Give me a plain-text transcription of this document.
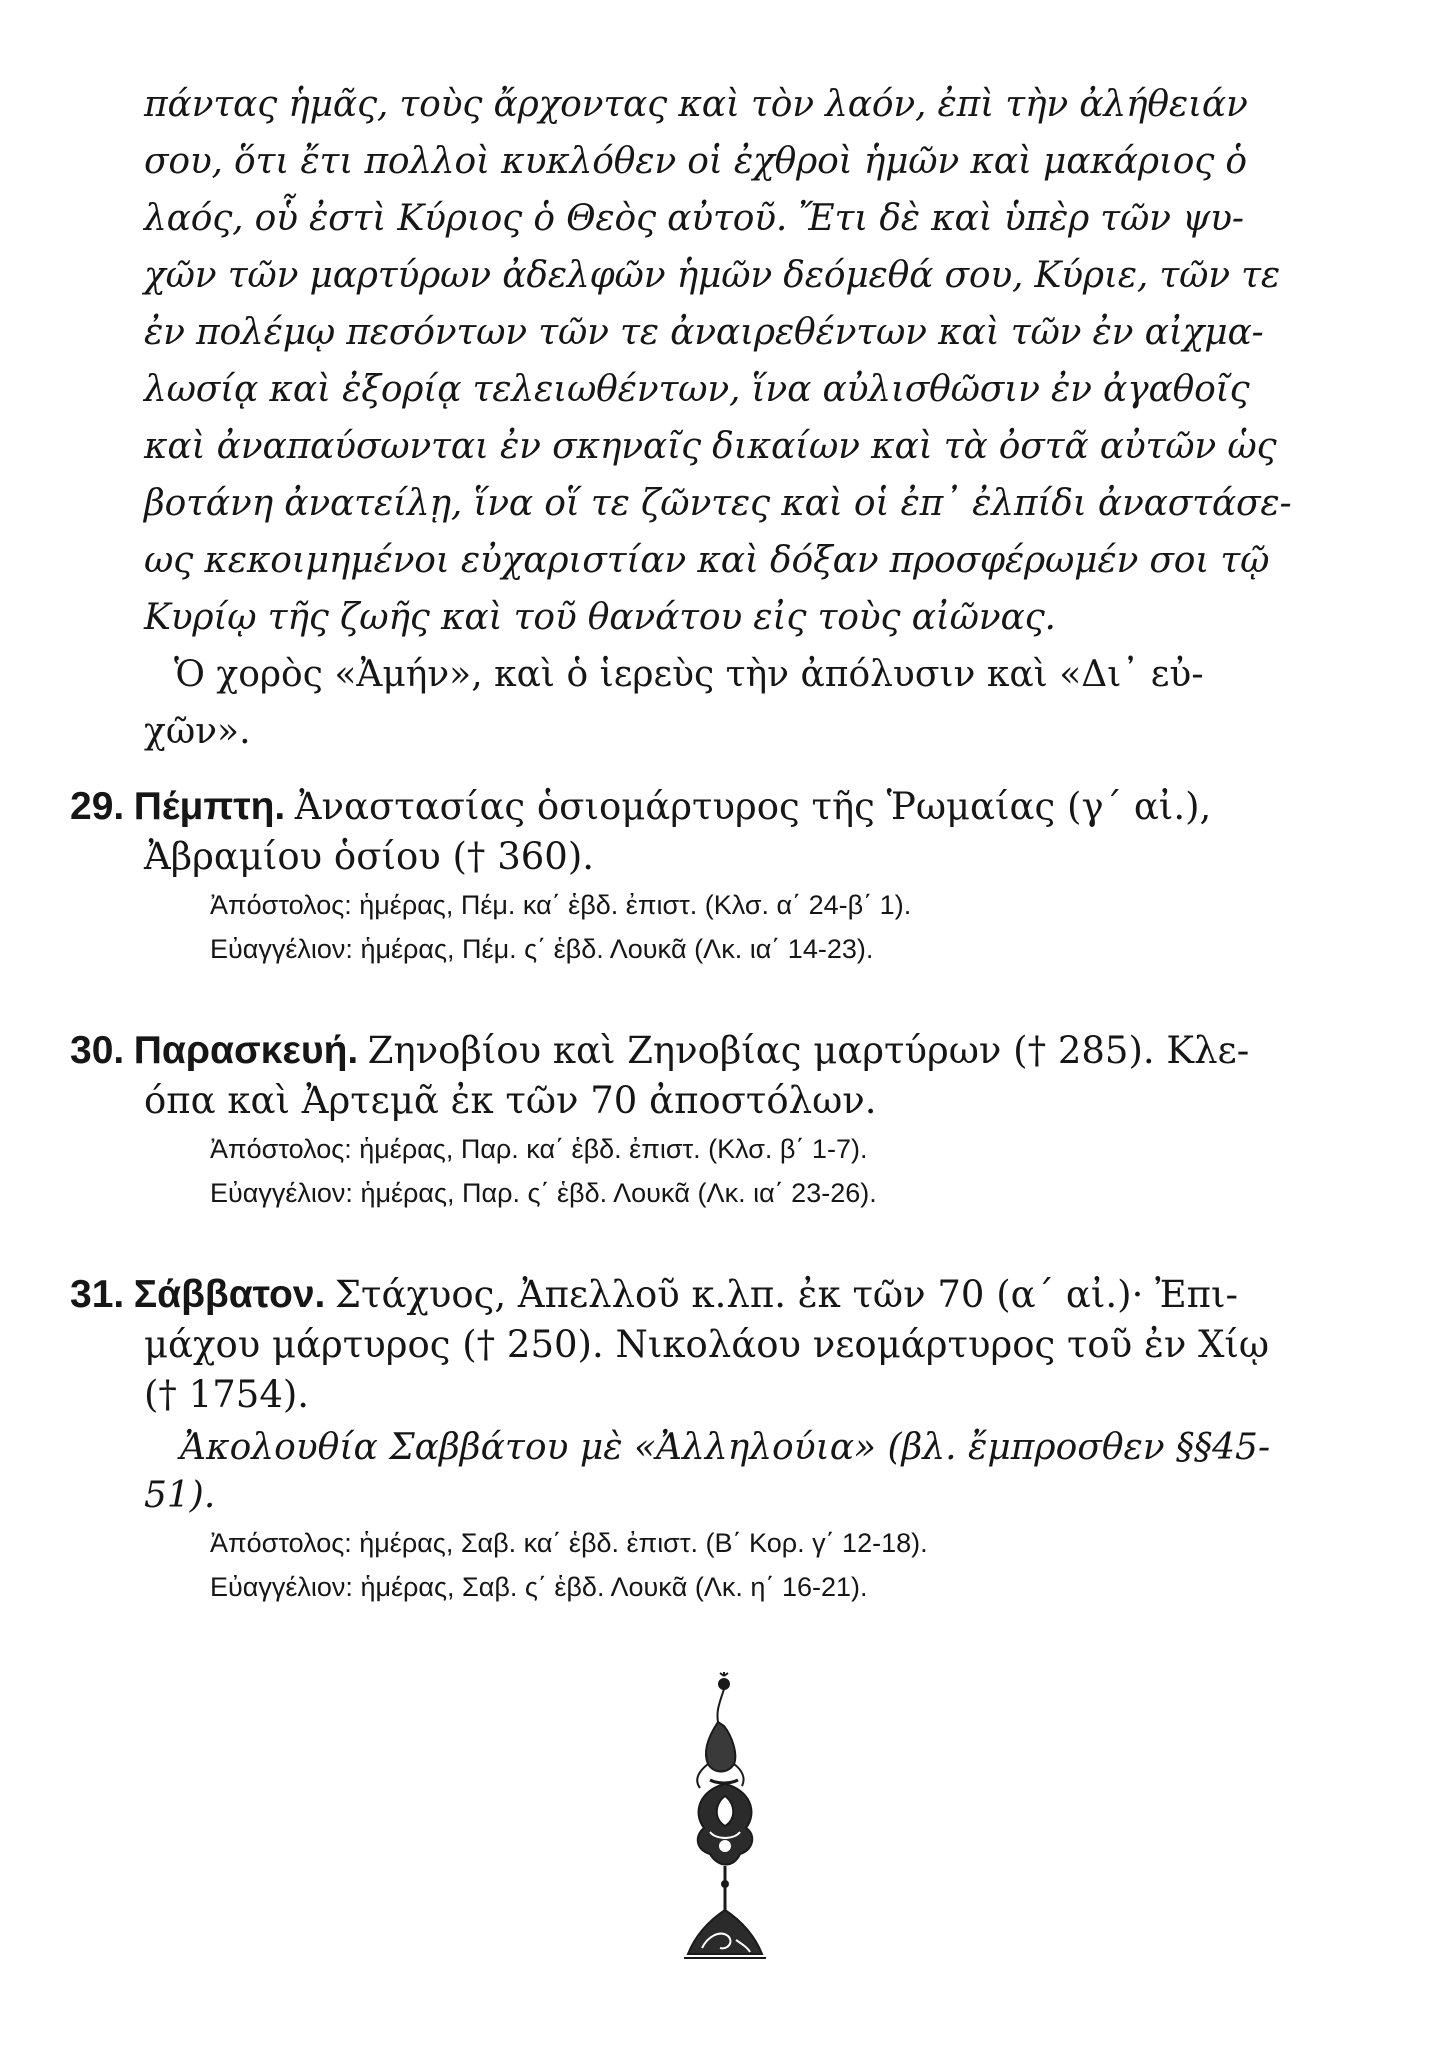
πάντας ἡμᾶς, τοὺς ἄρχοντας καὶ τὸν λαόν, ἐπὶ τὴν ἀλήθειάν
σου, ὅτι ἔτι πολλοὶ κυκλόθεν οἱ ἐχθροὶ ἡμῶν καὶ μακάριος ὁ
λαός, οὗ ἐστὶ Κύριος ὁ Θεὸς αὐτοῦ. Ἔτι δὲ καὶ ὑπὲρ τῶν ψυ-
χῶν τῶν μαρτύρων ἀδελφῶν ἡμῶν δεόμεθά σου, Κύριε, τῶν τε
ἐν πολέμῳ πεσόντων τῶν τε ἀναιρεθέντων καὶ τῶν ἐν αἰχμα-
λωσίᾳ καὶ ἐξορίᾳ τελειωθέντων, ἵνα αὐλισθῶσιν ἐν ἀγαθοῖς
καὶ ἀναπαύσωνται ἐν σκηναῖς δικαίων καὶ τὰ ὀστᾶ αὐτῶν ὡς
βοτάνη ἀνατείλῃ, ἵνα οἵ τε ζῶντες καὶ οἱ ἐπ᾽ ἐλπίδι ἀναστάσε-
ως κεκοιμημένοι εὐχαριστίαν καὶ δόξαν προσφέρωμέν σοι τῷ
Κυρίῳ τῆς ζωῆς καὶ τοῦ θανάτου εἰς τοὺς αἰῶνας.
Ὁ χορὸς «Ἀμήν», καὶ ὁ ἱερεὺς τὴν ἀπόλυσιν καὶ «Δι᾽ εὐ-
χῶν».
29. Πέμπτη. Ἀναστασίας ὁσιομάρτυρος τῆς Ῥωμαίας (γ΄ αἰ.),
Ἀβραμίου ὁσίου († 360).
Ἀπόστολος: ἡμέρας, Πέμ. κα΄ ἑβδ. ἐπιστ. (Κλσ. α΄ 24-β΄ 1).
Εὐαγγέλιον: ἡμέρας, Πέμ. ς΄ ἑβδ. Λουκᾶ (Λκ. ια΄ 14-23).
30. Παρασκευή. Ζηνοβίου καὶ Ζηνοβίας μαρτύρων († 285). Κλε-
όπα καὶ Ἀρτεμᾶ ἐκ τῶν 70 ἀποστόλων.
Ἀπόστολος: ἡμέρας, Παρ. κα΄ ἑβδ. ἐπιστ. (Κλσ. β΄ 1-7).
Εὐαγγέλιον: ἡμέρας, Παρ. ς΄ ἑβδ. Λουκᾶ (Λκ. ια΄ 23-26).
31. Σάββατον. Στάχυος, Ἀπελλοῦ κ.λπ. ἐκ τῶν 70 (α΄ αἰ.)· Ἐπι-
μάχου μάρτυρος († 250). Νικολάου νεομάρτυρος τοῦ ἐν Χίῳ
(† 1754).
Ἀκολουθία Σαββάτου μὲ «Ἀλληλούια» (βλ. ἔμπροσθεν §§45-
51).
Ἀπόστολος: ἡμέρας, Σαβ. κα΄ ἑβδ. ἐπιστ. (Β΄ Κορ. γ΄ 12-18).
Εὐαγγέλιον: ἡμέρας, Σαβ. ς΄ ἑβδ. Λουκᾶ (Λκ. η΄ 16-21).
